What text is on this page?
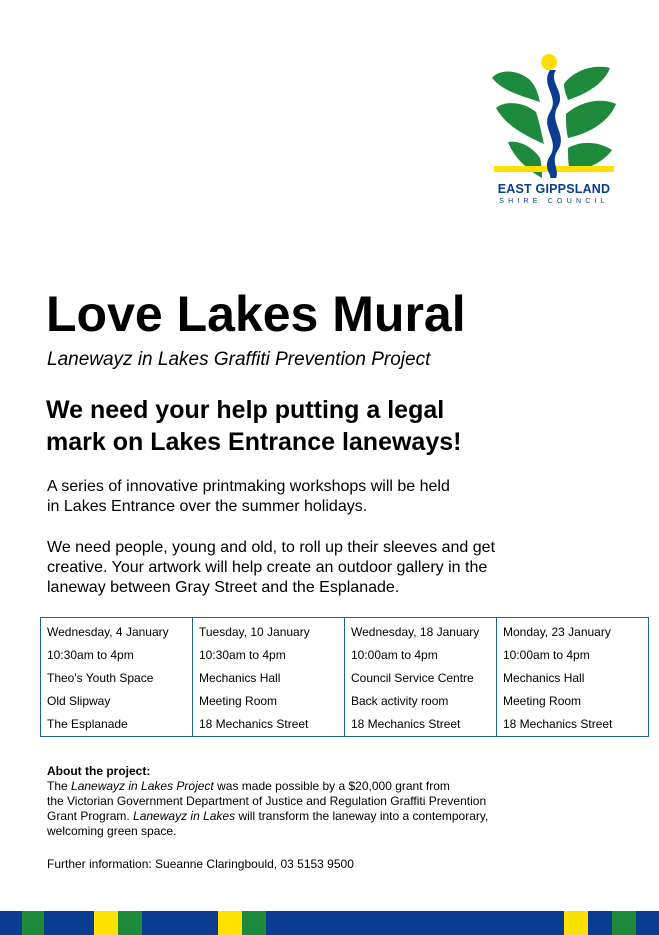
EAST GIPPSLAND
SHIRE COUNCIL
Love Lakes Mural

Lanewayz in Lakes Graffiti Prevention Project

We need your help putting a legal
mark on Lakes Entrance laneways!

A series of innovative printmaking workshops will be held
in Lakes Entrance over the summer holidays.

We need people, young and old, to roll up their sleeves and get
creative. Your artwork will help create an outdoor gallery in the
laneway between Gray Street and the Esplanade.

Wednesday, 4 January
10:30am to 4pm
Theo's Youth Space
Old Slipway
The Esplanade

Tuesday, 10 January
10:30am to 4pm
Mechanics Hall
Meeting Room
18 Mechanics Street

Wednesday, 18 January
10:00am to 4pm
Council Service Centre
Back activity room
18 Mechanics Street

Monday, 23 January
10:00am to 4pm
Mechanics Hall
Meeting Room
18 Mechanics Street

About the project:

The Lanewayz in Lakes Project was made possible by a $20,000 grant from

the Victorian Government Department of Justice and Regulation Graffiti Prevention

Grant Program. Lanewayz in Lakes will transform the laneway into a contemporary,

welcoming green space.

Further information: Sueanne Claringbould, 03 5153 9500
